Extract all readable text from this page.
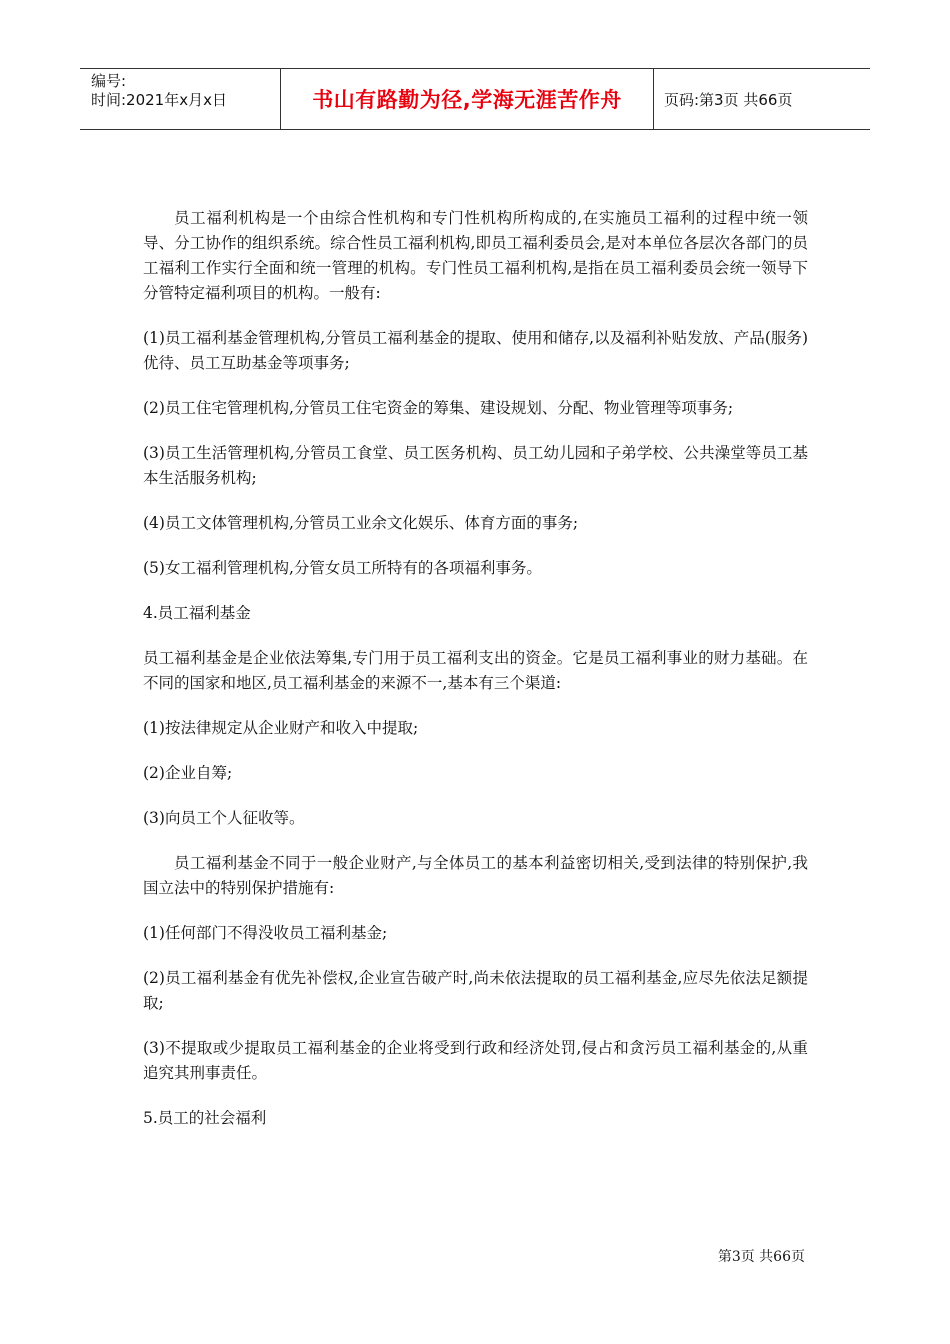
编号:
时间:2021年x月x日	书山有路勤为径,学海无涯苦作舟	页码:第3页 共66页

员工福利机构是一个由综合性机构和专门性机构所构成的,在实施员工福利的过程中统一领导、分工协作的组织系统。综合性员工福利机构,即员工福利委员会,是对本单位各层次各部门的员工福利工作实行全面和统一管理的机构。专门性员工福利机构,是指在员工福利委员会统一领导下分管特定福利项目的机构。一般有:

(1)员工福利基金管理机构,分管员工福利基金的提取、使用和储存,以及福利补贴发放、产品(服务)优待、员工互助基金等项事务;

(2)员工住宅管理机构,分管员工住宅资金的筹集、建设规划、分配、物业管理等项事务;

(3)员工生活管理机构,分管员工食堂、员工医务机构、员工幼儿园和子弟学校、公共澡堂等员工基本生活服务机构;

(4)员工文体管理机构,分管员工业余文化娱乐、体育方面的事务;

(5)女工福利管理机构,分管女员工所特有的各项福利事务。

4.员工福利基金

员工福利基金是企业依法筹集,专门用于员工福利支出的资金。它是员工福利事业的财力基础。在不同的国家和地区,员工福利基金的来源不一,基本有三个渠道:

(1)按法律规定从企业财产和收入中提取;

(2)企业自筹;

(3)向员工个人征收等。

员工福利基金不同于一般企业财产,与全体员工的基本利益密切相关,受到法律的特别保护,我国立法中的特别保护措施有:

(1)任何部门不得没收员工福利基金;

(2)员工福利基金有优先补偿权,企业宣告破产时,尚未依法提取的员工福利基金,应尽先依法足额提取;

(3)不提取或少提取员工福利基金的企业将受到行政和经济处罚,侵占和贪污员工福利基金的,从重追究其刑事责任。

5.员工的社会福利

第3页 共66页
